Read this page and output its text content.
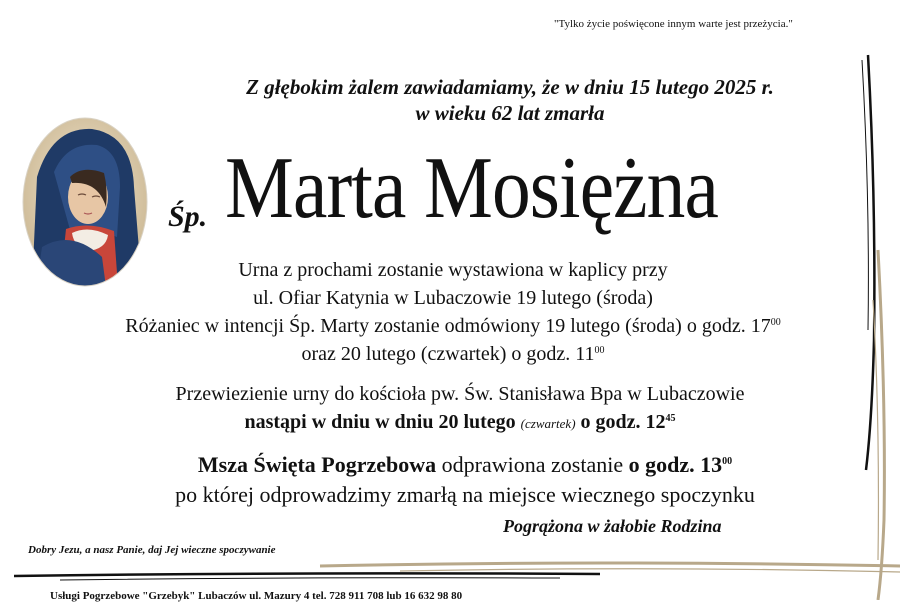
"Tylko życie poświęcone innym warte jest przeżycia."
Z głębokim żalem zawiadamiamy, że w dniu 15 lutego 2025 r.
w wieku 62 lat zmarła
Śp. Marta Mosiężna
Urna z prochami zostanie wystawiona w kaplicy przy
ul. Ofiar Katynia w Lubaczowie 19 lutego (środa)
Różaniec w intencji Śp. Marty zostanie odmówiony 19 lutego (środa) o godz. $17^{00}$
oraz 20 lutego (czwartek) o godz. $11^{00}$
Przewiezienie urny do kościoła pw. Św. Stanisława Bpa w Lubaczowie
nastąpi w dniu w dniu 20 lutego (czwartek) o godz. $12^{45}$
Msza Święta Pogrzebowa odprawiona zostanie o godz. $13^{00}$
po której odprowadzimy zmarłą na miejsce wiecznego spoczynku
Pogrążona w żałobie Rodzina
Dobry Jezu, a nasz Panie, daj Jej wieczne spoczywanie
Usługi Pogrzebowe "Grzebyk" Lubaczów ul. Mazury 4 tel. 728 911 708 lub 16 632 98 80
